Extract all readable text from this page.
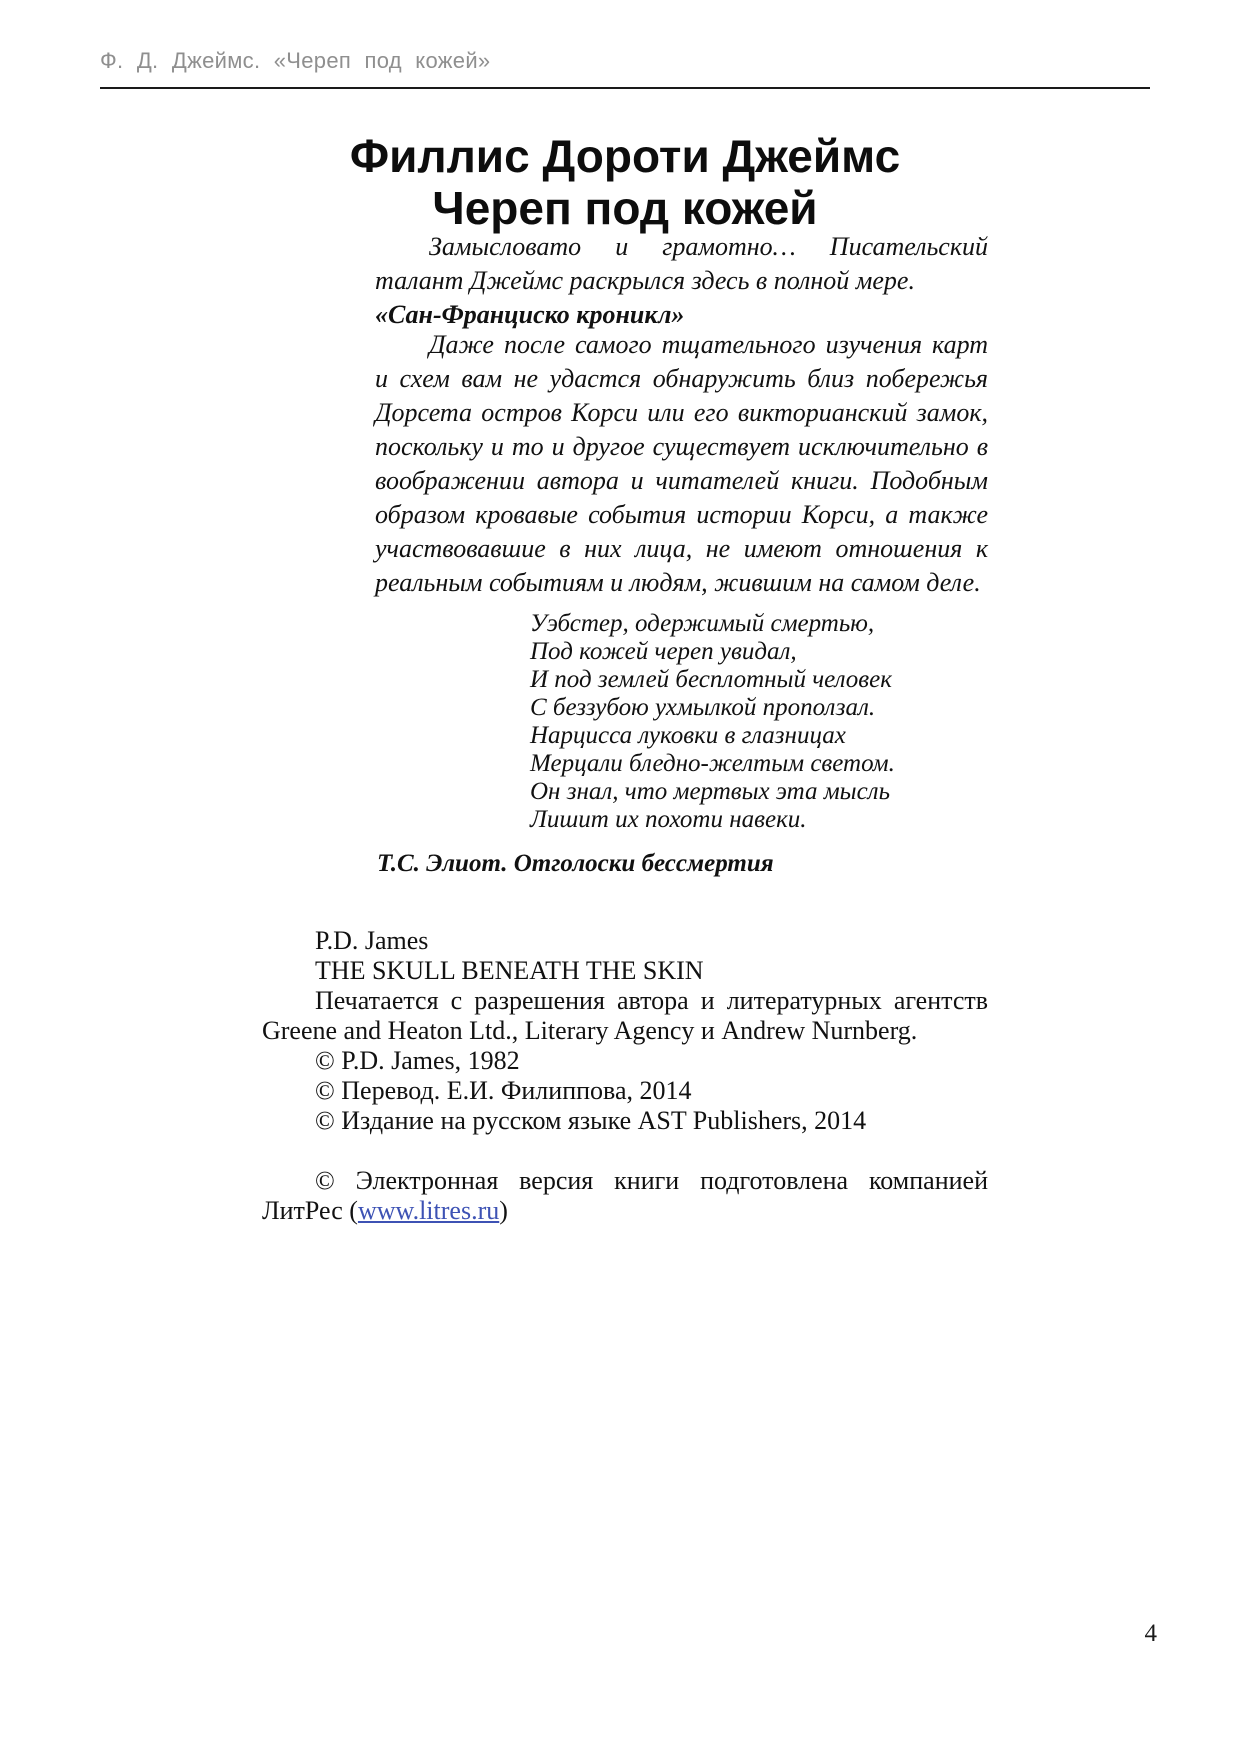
Ф. Д. Джеймс. «Череп под кожей»
Филлис Дороти Джеймс
Череп под кожей

Замысловато и грамотно… Писательский талант Джеймс раскрылся здесь в полной мере.

«Сан-Франциско кроникл»

Даже после самого тщательного изучения карт и схем вам не удастся обнаружить близ побережья Дорсета остров Корси или его викторианский замок, поскольку и то и другое существует исключительно в воображении автора и читателей книги. Подобным образом кровавые события истории Корси, а также участвовавшие в них лица, не имеют отношения к реальным событиям и людям, жившим на самом деле.

Уэбстер, одержимый смертью,
Под кожей череп увидал,
И под землей бесплотный человек
С беззубою ухмылкой проползал.
Нарцисса луковки в глазницах
Мерцали бледно-желтым светом.
Он знал, что мертвых эта мысль
Лишит их похоти навеки.
Т.С. Элиот. Отголоски бессмертия

P.D. James

THE SKULL BENEATH THE SKIN

Печатается с разрешения автора и литературных агентств Greene and Heaton Ltd., Literary Agency и Andrew Nurnberg.

© P.D. James, 1982

© Перевод. Е.И. Филиппова, 2014

© Издание на русском языке AST Publishers, 2014

© Электронная версия книги подготовлена компанией ЛитРес (www.litres.ru)

4
